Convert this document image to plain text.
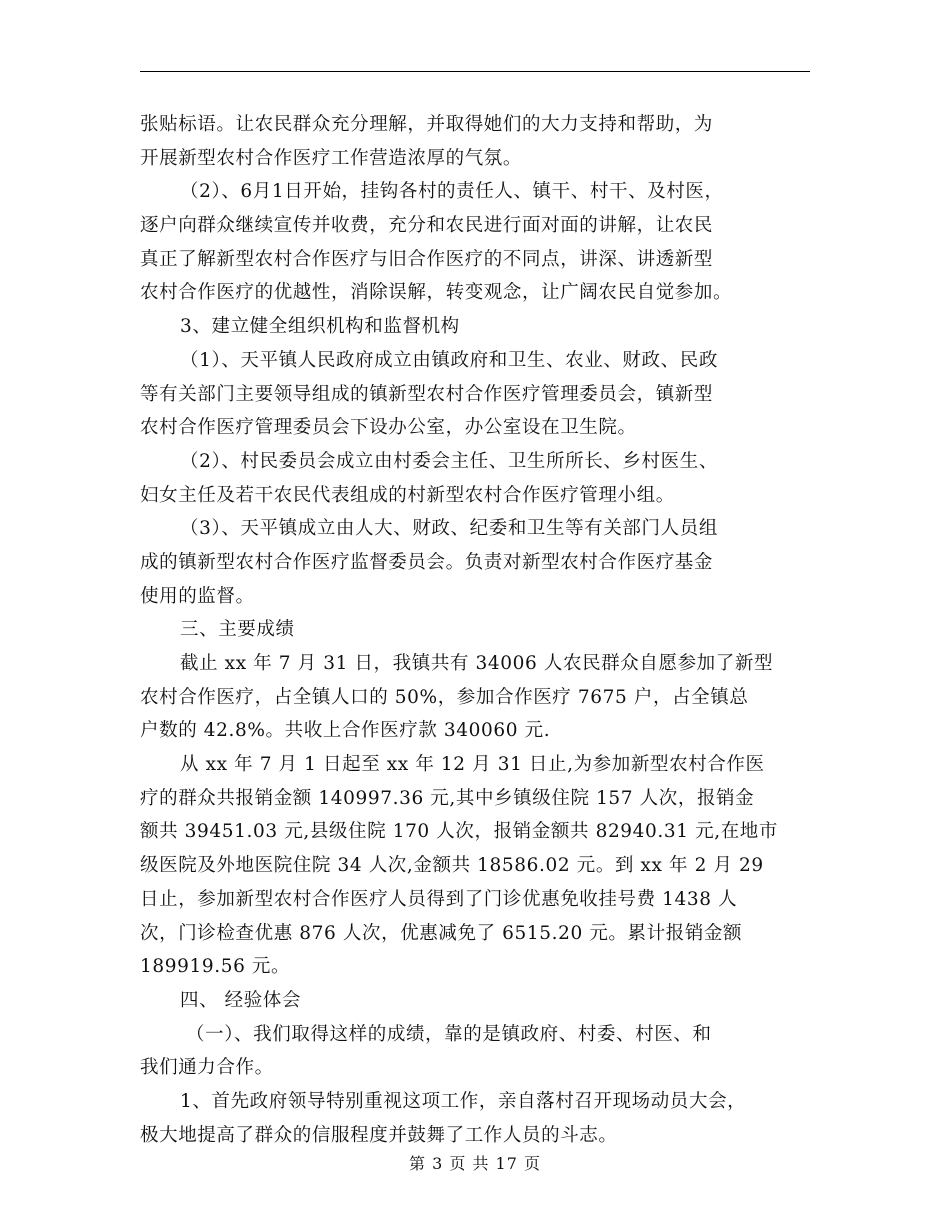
张贴标语。让农民群众充分理解，并取得她们的大力支持和帮助，为
开展新型农村合作医疗工作营造浓厚的气氛。
（2）、6月1日开始，挂钩各村的责任人、镇干、村干、及村医，
逐户向群众继续宣传并收费，充分和农民进行面对面的讲解，让农民
真正了解新型农村合作医疗与旧合作医疗的不同点，讲深、讲透新型
农村合作医疗的优越性，消除误解，转变观念，让广阔农民自觉参加。
3、建立健全组织机构和监督机构
（1）、天平镇人民政府成立由镇政府和卫生、农业、财政、民政
等有关部门主要领导组成的镇新型农村合作医疗管理委员会，镇新型
农村合作医疗管理委员会下设办公室，办公室设在卫生院。
（2）、村民委员会成立由村委会主任、卫生所所长、乡村医生、
妇女主任及若干农民代表组成的村新型农村合作医疗管理小组。
（3）、天平镇成立由人大、财政、纪委和卫生等有关部门人员组
成的镇新型农村合作医疗监督委员会。负责对新型农村合作医疗基金
使用的监督。
三、主要成绩
截止 xx 年 7 月 31 日，我镇共有 34006 人农民群众自愿参加了新型
农村合作医疗，占全镇人口的 50%，参加合作医疗 7675 户，占全镇总
户数的 42.8%。共收上合作医疗款 340060 元.
从 xx 年 7 月 1 日起至 xx 年 12 月 31 日止,为参加新型农村合作医
疗的群众共报销金额 140997.36 元,其中乡镇级住院 157 人次，报销金
额共 39451.03 元,县级住院 170 人次，报销金额共 82940.31 元,在地市
级医院及外地医院住院 34 人次,金额共 18586.02 元。到 xx 年 2 月 29
日止，参加新型农村合作医疗人员得到了门诊优惠免收挂号费 1438 人
次，门诊检查优惠 876 人次，优惠减免了 6515.20 元。累计报销金额
189919.56 元。
四、 经验体会
（一）、我们取得这样的成绩，靠的是镇政府、村委、村医、和
我们通力合作。
1、首先政府领导特别重视这项工作，亲自落村召开现场动员大会，
极大地提高了群众的信服程度并鼓舞了工作人员的斗志。
第 3 页 共 17 页
